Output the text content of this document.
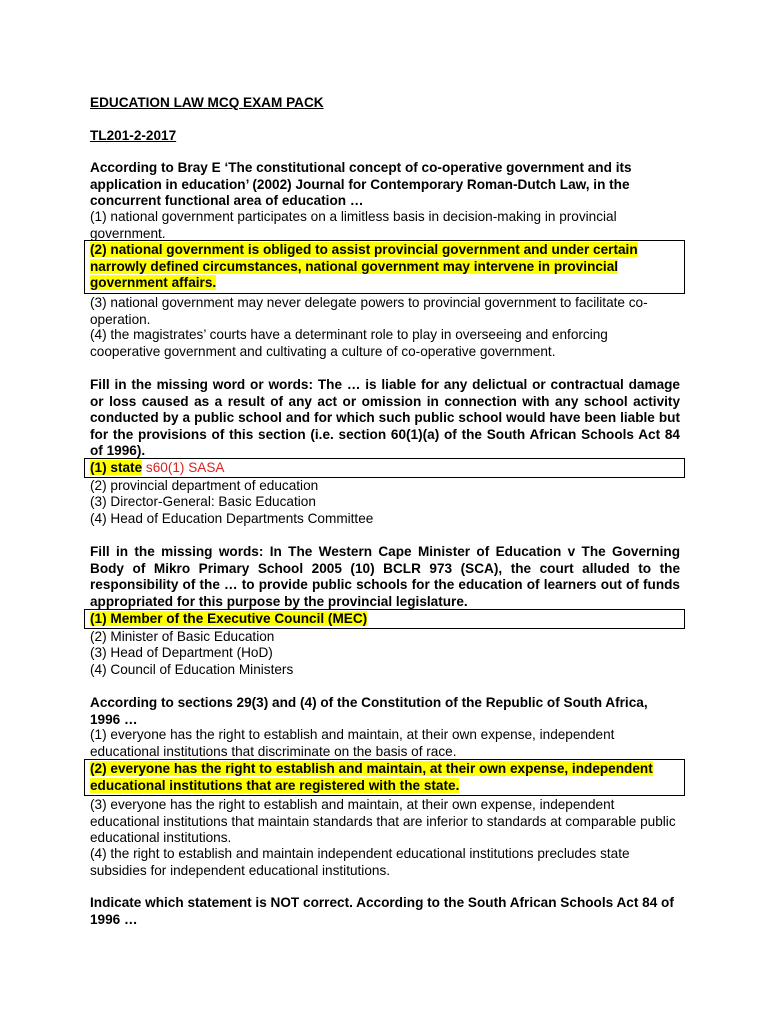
EDUCATION LAW MCQ EXAM PACK
TL201-2-2017
According to Bray E ‘The constitutional concept of co-operative government and its application in education’ (2002) Journal for Contemporary Roman-Dutch Law, in the concurrent functional area of education …
(1) national government participates on a limitless basis in decision-making in provincial government.
(2) national government is obliged to assist provincial government and under certain narrowly defined circumstances, national government may intervene in provincial government affairs.
(3) national government may never delegate powers to provincial government to facilitate co-operation.
(4) the magistrates’ courts have a determinant role to play in overseeing and enforcing cooperative government and cultivating a culture of co-operative government.
Fill in the missing word or words: The … is liable for any delictual or contractual damage or loss caused as a result of any act or omission in connection with any school activity conducted by a public school and for which such public school would have been liable but for the provisions of this section (i.e. section 60(1)(a) of the South African Schools Act 84 of 1996).
(1) state s60(1) SASA
(2) provincial department of education
(3) Director-General: Basic Education
(4) Head of Education Departments Committee
Fill in the missing words: In The Western Cape Minister of Education v The Governing Body of Mikro Primary School 2005 (10) BCLR 973 (SCA), the court alluded to the responsibility of the … to provide public schools for the education of learners out of funds appropriated for this purpose by the provincial legislature.
(1) Member of the Executive Council (MEC)
(2) Minister of Basic Education
(3) Head of Department (HoD)
(4) Council of Education Ministers
According to sections 29(3) and (4) of the Constitution of the Republic of South Africa, 1996 …
(1) everyone has the right to establish and maintain, at their own expense, independent educational institutions that discriminate on the basis of race.
(2) everyone has the right to establish and maintain, at their own expense, independent educational institutions that are registered with the state.
(3) everyone has the right to establish and maintain, at their own expense, independent educational institutions that maintain standards that are inferior to standards at comparable public educational institutions.
(4) the right to establish and maintain independent educational institutions precludes state subsidies for independent educational institutions.
Indicate which statement is NOT correct. According to the South African Schools Act 84 of 1996 …
